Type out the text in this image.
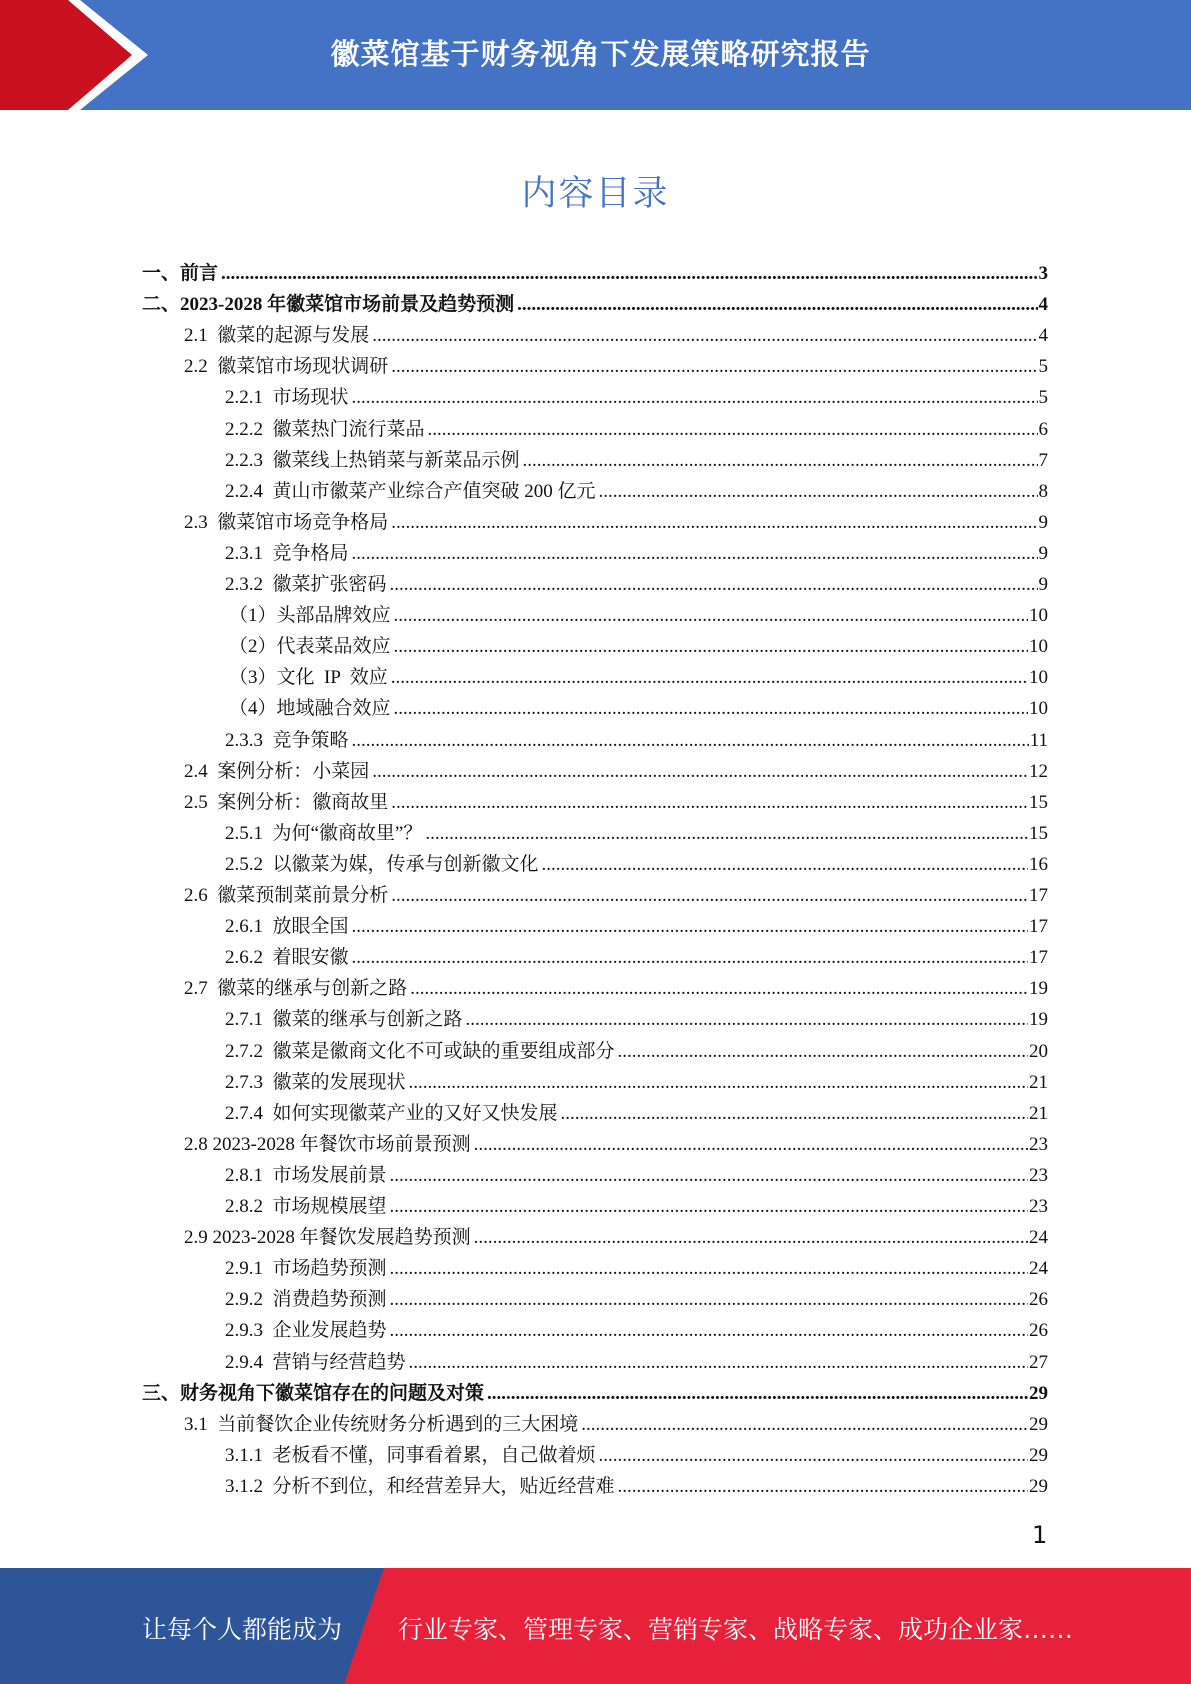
徽菜馆基于财务视角下发展策略研究报告
内容目录
一、前言 .....	3
二、2023-2028 年徽菜馆市场前景及趋势预测 .....	4
2.1  徽菜的起源与发展 .....	4
2.2  徽菜馆市场现状调研 .....	5
2.2.1  市场现状 .....	5
2.2.2  徽菜热门流行菜品 .....	6
2.2.3  徽菜线上热销菜与新菜品示例 .....	7
2.2.4  黄山市徽菜产业综合产值突破 200 亿元 .....	8
2.3  徽菜馆市场竞争格局 .....	9
2.3.1  竞争格局 .....	9
2.3.2  徽菜扩张密码 .....	9
（1）头部品牌效应 .....	10
（2）代表菜品效应 .....	10
（3）文化  IP  效应 .....	10
（4）地域融合效应 .....	10
2.3.3  竞争策略 .....	11
2.4  案例分析：小菜园 .....	12
2.5  案例分析：徽商故里 .....	15
2.5.1  为何“徽商故里”？ .....	15
2.5.2  以徽菜为媒，传承与创新徽文化 .....	16
2.6  徽菜预制菜前景分析 .....	17
2.6.1  放眼全国 .....	17
2.6.2  着眼安徽 .....	17
2.7  徽菜的继承与创新之路 .....	19
2.7.1  徽菜的继承与创新之路 .....	19
2.7.2  徽菜是徽商文化不可或缺的重要组成部分 .....	20
2.7.3  徽菜的发展现状 .....	21
2.7.4  如何实现徽菜产业的又好又快发展 .....	21
2.8 2023-2028 年餐饮市场前景预测 .....	23
2.8.1  市场发展前景 .....	23
2.8.2  市场规模展望 .....	23
2.9 2023-2028 年餐饮发展趋势预测 .....	24
2.9.1  市场趋势预测 .....	24
2.9.2  消费趋势预测 .....	26
2.9.3  企业发展趋势 .....	26
2.9.4  营销与经营趋势 .....	27
三、财务视角下徽菜馆存在的问题及对策 .....	29
3.1  当前餐饮企业传统财务分析遇到的三大困境 .....	29
3.1.1  老板看不懂，同事看着累，自己做着烦 .....	29
3.1.2  分析不到位，和经营差异大，贴近经营难 .....	29
1
让每个人都能成为 行业专家、管理专家、营销专家、战略专家、成功企业家……
